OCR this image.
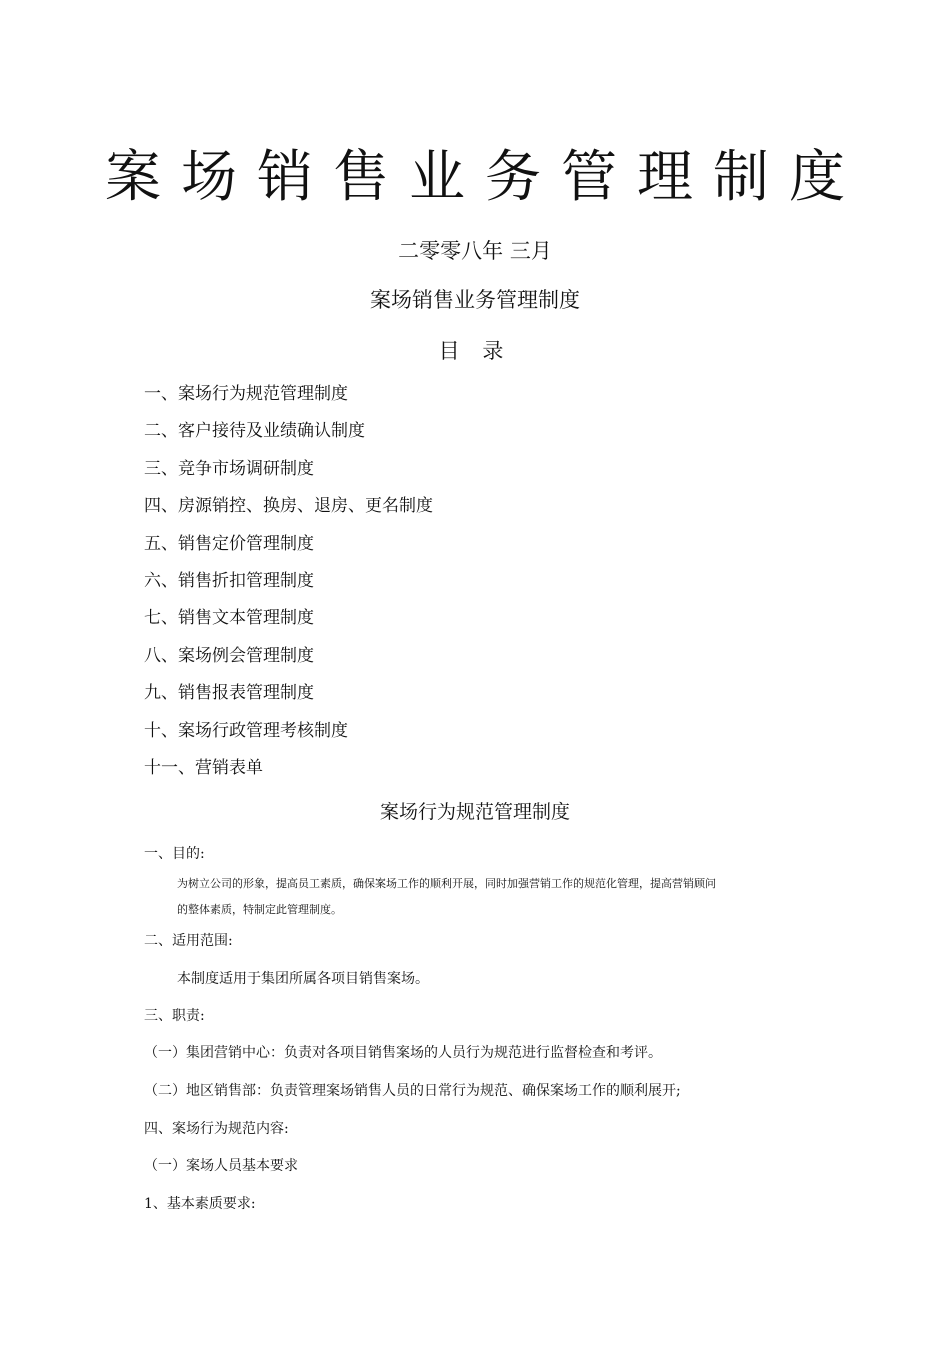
案场销售业务管理制度
二零零八年 三月
案场销售业务管理制度
目 录
一、案场行为规范管理制度
二、客户接待及业绩确认制度
三、竞争市场调研制度
四、房源销控、换房、退房、更名制度
五、销售定价管理制度
六、销售折扣管理制度
七、销售文本管理制度
八、案场例会管理制度
九、销售报表管理制度
十、案场行政管理考核制度
十一、营销表单
案场行为规范管理制度
一、目的:
为树立公司的形象，提高员工素质，确保案场工作的顺利开展，同时加强营销工作的规范化管理，提高营销顾问
的整体素质，特制定此管理制度。
二、适用范围:
本制度适用于集团所属各项目销售案场。
三、职责:
（一）集团营销中心：负责对各项目销售案场的人员行为规范进行监督检查和考评。
（二）地区销售部：负责管理案场销售人员的日常行为规范、确保案场工作的顺利展开;
四、案场行为规范内容:
（一）案场人员基本要求
1、基本素质要求:
